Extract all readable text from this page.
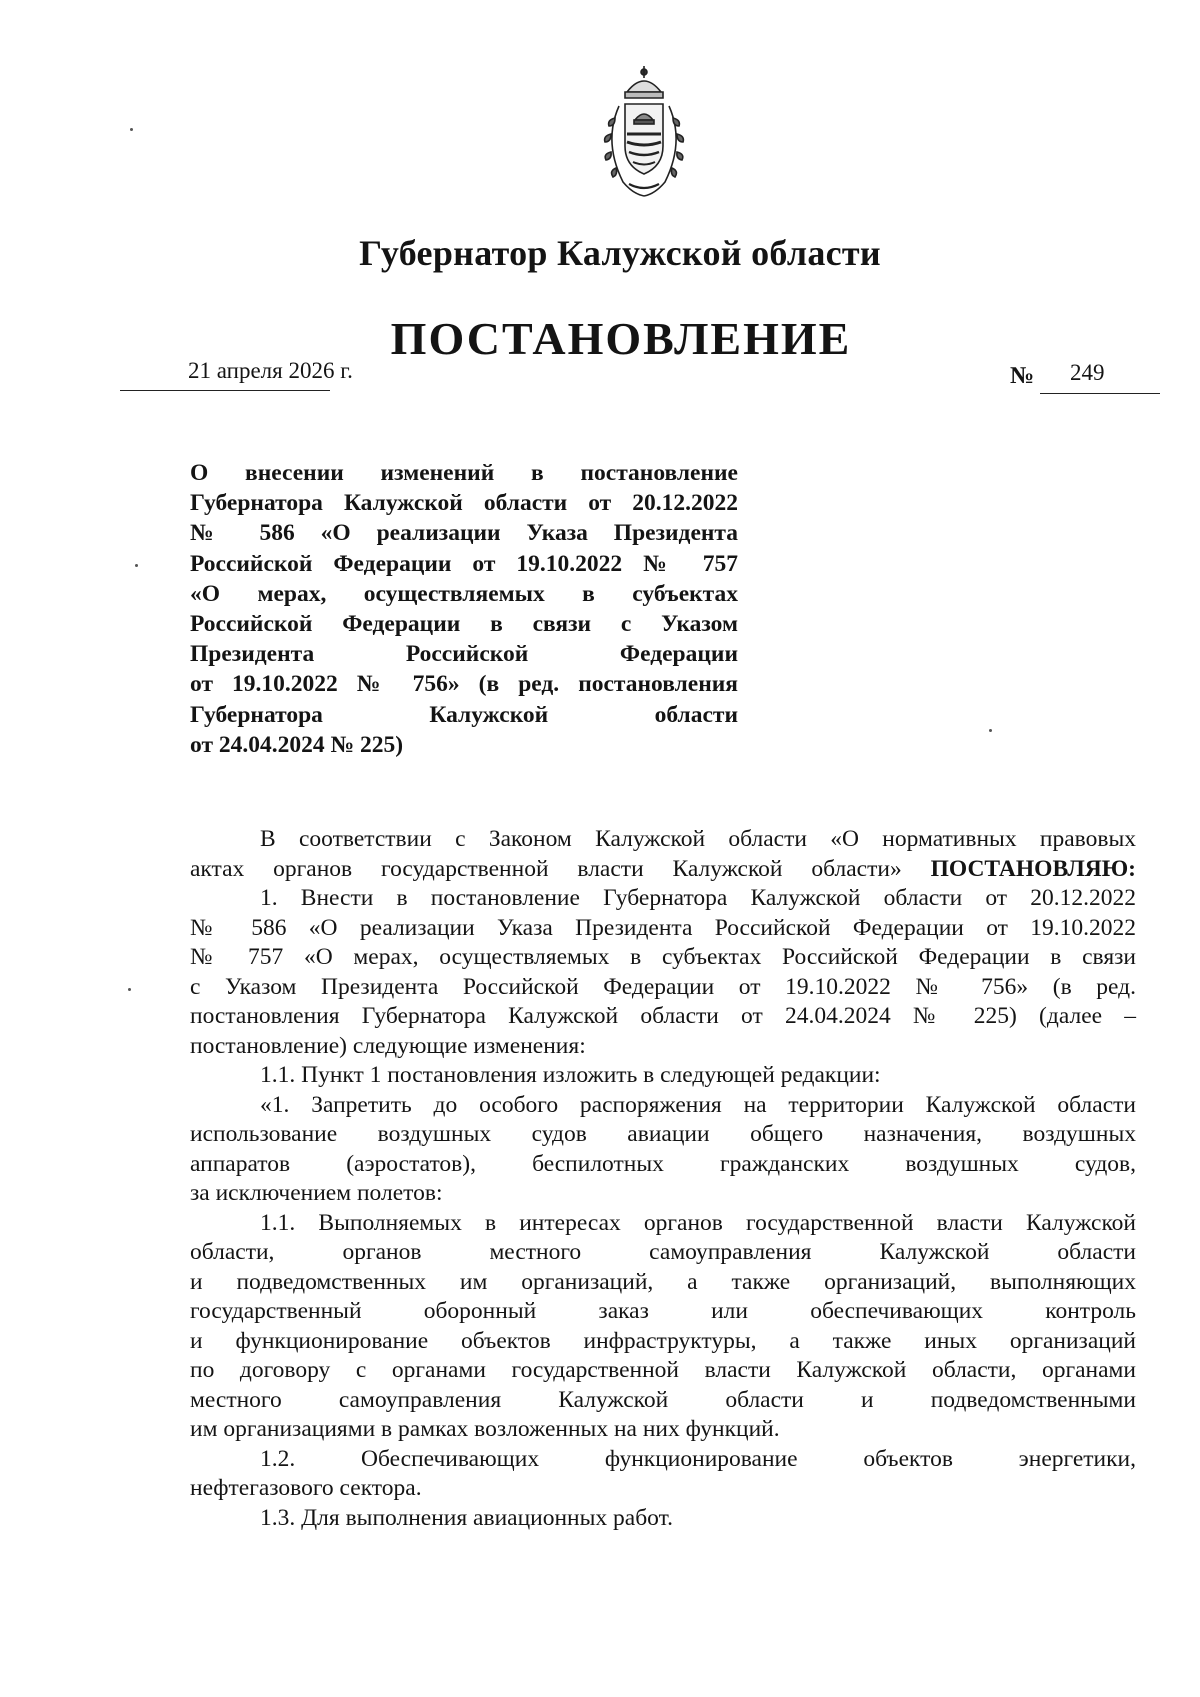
Губернатор Калужской области
ПОСТАНОВЛЕНИЕ
21 апреля 2026 г.	№ 249
О внесении изменений в постановление
Губернатора Калужской области от 20.12.2022
№ 586 «О реализации Указа Президента
Российской Федерации от 19.10.2022 № 757
«О мерах, осуществляемых в субъектах
Российской Федерации в связи с Указом
Президента Российской Федерации
от 19.10.2022 № 756» (в ред. постановления
Губернатора Калужской области
от 24.04.2024 № 225)
В соответствии с Законом Калужской области «О нормативных правовых
актах органов государственной власти Калужской области» ПОСТАНОВЛЯЮ:
1. Внести в постановление Губернатора Калужской области от 20.12.2022
№ 586 «О реализации Указа Президента Российской Федерации от 19.10.2022
№ 757 «О мерах, осуществляемых в субъектах Российской Федерации в связи
с Указом Президента Российской Федерации от 19.10.2022 № 756» (в ред.
постановления Губернатора Калужской области от 24.04.2024 № 225) (далее –
постановление) следующие изменения:
1.1. Пункт 1 постановления изложить в следующей редакции:
«1. Запретить до особого распоряжения на территории Калужской области
использование воздушных судов авиации общего назначения, воздушных
аппаратов (аэростатов), беспилотных гражданских воздушных судов,
за исключением полетов:
1.1. Выполняемых в интересах органов государственной власти Калужской
области, органов местного самоуправления Калужской области
и подведомственных им организаций, а также организаций, выполняющих
государственный оборонный заказ или обеспечивающих контроль
и функционирование объектов инфраструктуры, а также иных организаций
по договору с органами государственной власти Калужской области, органами
местного самоуправления Калужской области и подведомственными
им организациями в рамках возложенных на них функций.
1.2. Обеспечивающих функционирование объектов энергетики,
нефтегазового сектора.
1.3. Для выполнения авиационных работ.
